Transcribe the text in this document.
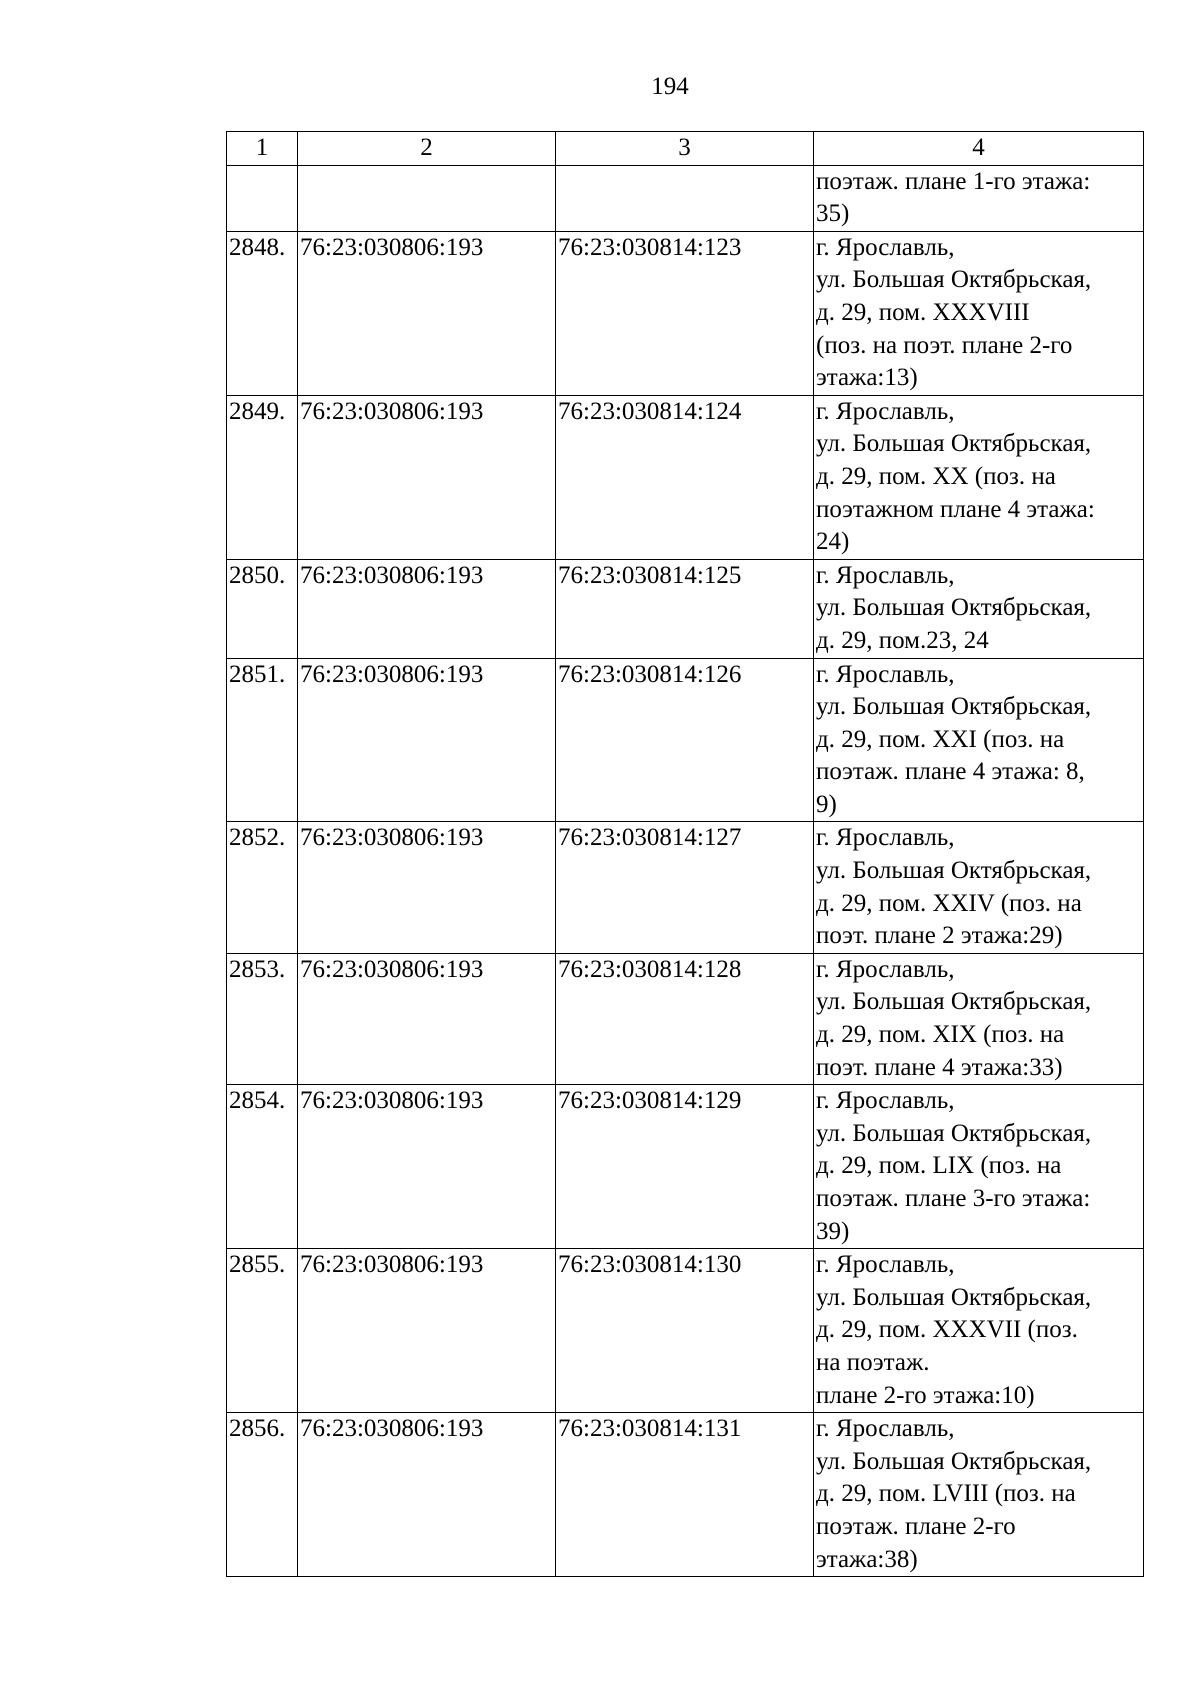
194
1	2	3	4

			поэтаж. плане 1-го этажа:
35)

2848.	76:23:030806:193	76:23:030814:123	г. Ярославль,
ул. Большая Октябрьская,
д. 29, пом. XXXVIII
(поз. на поэт. плане 2-го
этажа:13)

2849.	76:23:030806:193	76:23:030814:124	г. Ярославль,
ул. Большая Октябрьская,
д. 29, пом. XX (поз. на
поэтажном плане 4 этажа:
24)

2850.	76:23:030806:193	76:23:030814:125	г. Ярославль,
ул. Большая Октябрьская,
д. 29, пом.23, 24

2851.	76:23:030806:193	76:23:030814:126	г. Ярославль,
ул. Большая Октябрьская,
д. 29, пом. XXI (поз. на
поэтаж. плане 4 этажа: 8,
9)

2852.	76:23:030806:193	76:23:030814:127	г. Ярославль,
ул. Большая Октябрьская,
д. 29, пом. XXIV (поз. на
поэт. плане 2 этажа:29)

2853.	76:23:030806:193	76:23:030814:128	г. Ярославль,
ул. Большая Октябрьская,
д. 29, пом. XIX (поз. на
поэт. плане 4 этажа:33)

2854.	76:23:030806:193	76:23:030814:129	г. Ярославль,
ул. Большая Октябрьская,
д. 29, пом. LIX (поз. на
поэтаж. плане 3-го этажа:
39)

2855.	76:23:030806:193	76:23:030814:130	г. Ярославль,
ул. Большая Октябрьская,
д. 29, пом. XXXVII (поз.
на поэтаж.
плане 2-го этажа:10)

2856.	76:23:030806:193	76:23:030814:131	г. Ярославль,
ул. Большая Октябрьская,
д. 29, пом. LVIII (поз. на
поэтаж. плане 2-го
этажа:38)
